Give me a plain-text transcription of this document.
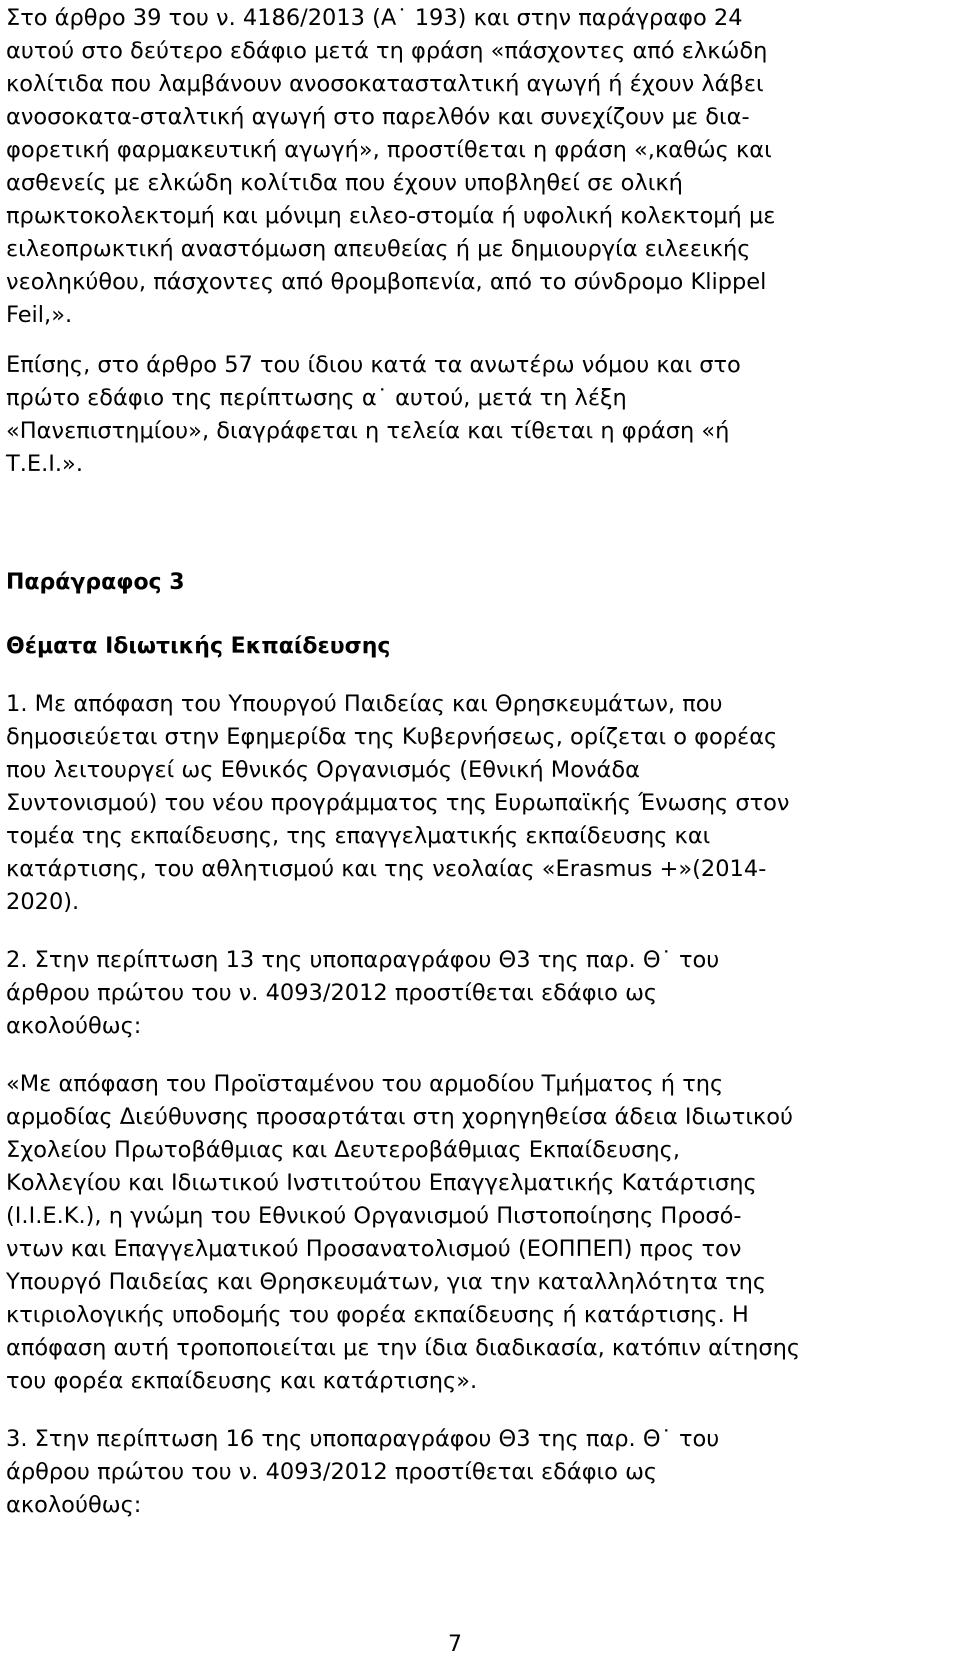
Στο άρθρο 39 του ν. 4186/2013 (Α˙ 193) και στην παράγραφο 24
αυτού στο δεύτερο εδάφιο μετά τη φράση «πάσχοντες από ελκώδη
κολίτιδα που λαμβάνουν ανοσοκατασταλτική αγωγή ή έχουν λάβει
ανοσοκατα-σταλτική αγωγή στο παρελθόν και συνεχίζουν με δια-
φορετική φαρμακευτική αγωγή», προστίθεται η φράση «,καθώς και
ασθενείς με ελκώδη κολίτιδα που έχουν υποβληθεί σε ολική
πρωκτοκολεκτομή και μόνιμη ειλεο-στομία ή υφολική κολεκτομή με
ειλεοπρωκτική αναστόμωση απευθείας ή με δημιουργία ειλεεικής
νεοληκύθου, πάσχοντες από θρομβοπενία, από το σύνδρομο Klippel
Feil,».
Επίσης, στο άρθρο 57 του ίδιου κατά τα ανωτέρω νόμου και στο
πρώτο εδάφιο της περίπτωσης α˙ αυτού, μετά τη λέξη
«Πανεπιστημίου», διαγράφεται η τελεία και τίθεται η φράση «ή
Τ.Ε.Ι.».
Παράγραφος 3
Θέματα Ιδιωτικής Εκπαίδευσης
1. Με απόφαση του Υπουργού Παιδείας και Θρησκευμάτων, που
δημοσιεύεται στην Εφημερίδα της Κυβερνήσεως, ορίζεται ο φορέας
που λειτουργεί ως Εθνικός Οργανισμός (Εθνική Μονάδα
Συντονισμού) του νέου προγράμματος της Ευρωπαϊκής Ένωσης στον
τομέα της εκπαίδευσης, της επαγγελματικής εκπαίδευσης και
κατάρτισης, του αθλητισμού και της νεολαίας «Erasmus +»(2014-
2020).
2. Στην περίπτωση 13 της υποπαραγράφου Θ3 της παρ. Θ˙ του
άρθρου πρώτου του ν. 4093/2012 προστίθεται εδάφιο ως
ακολούθως:
«Με απόφαση του Προϊσταμένου του αρμοδίου Τμήματος ή της
αρμοδίας Διεύθυνσης προσαρτάται στη χορηγηθείσα άδεια Ιδιωτικού
Σχολείου Πρωτοβάθμιας και Δευτεροβάθμιας Εκπαίδευσης,
Κολλεγίου και Ιδιωτικού Ινστιτούτου Επαγγελματικής Κατάρτισης
(Ι.Ι.Ε.Κ.), η γνώμη του Εθνικού Οργανισμού Πιστοποίησης Προσό-
ντων και Επαγγελματικού Προσανατολισμού (ΕΟΠΠΕΠ) προς τον
Υπουργό Παιδείας και Θρησκευμάτων, για την καταλληλότητα της
κτιριολογικής υποδομής του φορέα εκπαίδευσης ή κατάρτισης. Η
απόφαση αυτή τροποποιείται με την ίδια διαδικασία, κατόπιν αίτησης
του φορέα εκπαίδευσης και κατάρτισης».
3. Στην περίπτωση 16 της υποπαραγράφου Θ3 της παρ. Θ˙ του
άρθρου πρώτου του ν. 4093/2012 προστίθεται εδάφιο ως
ακολούθως:
7
